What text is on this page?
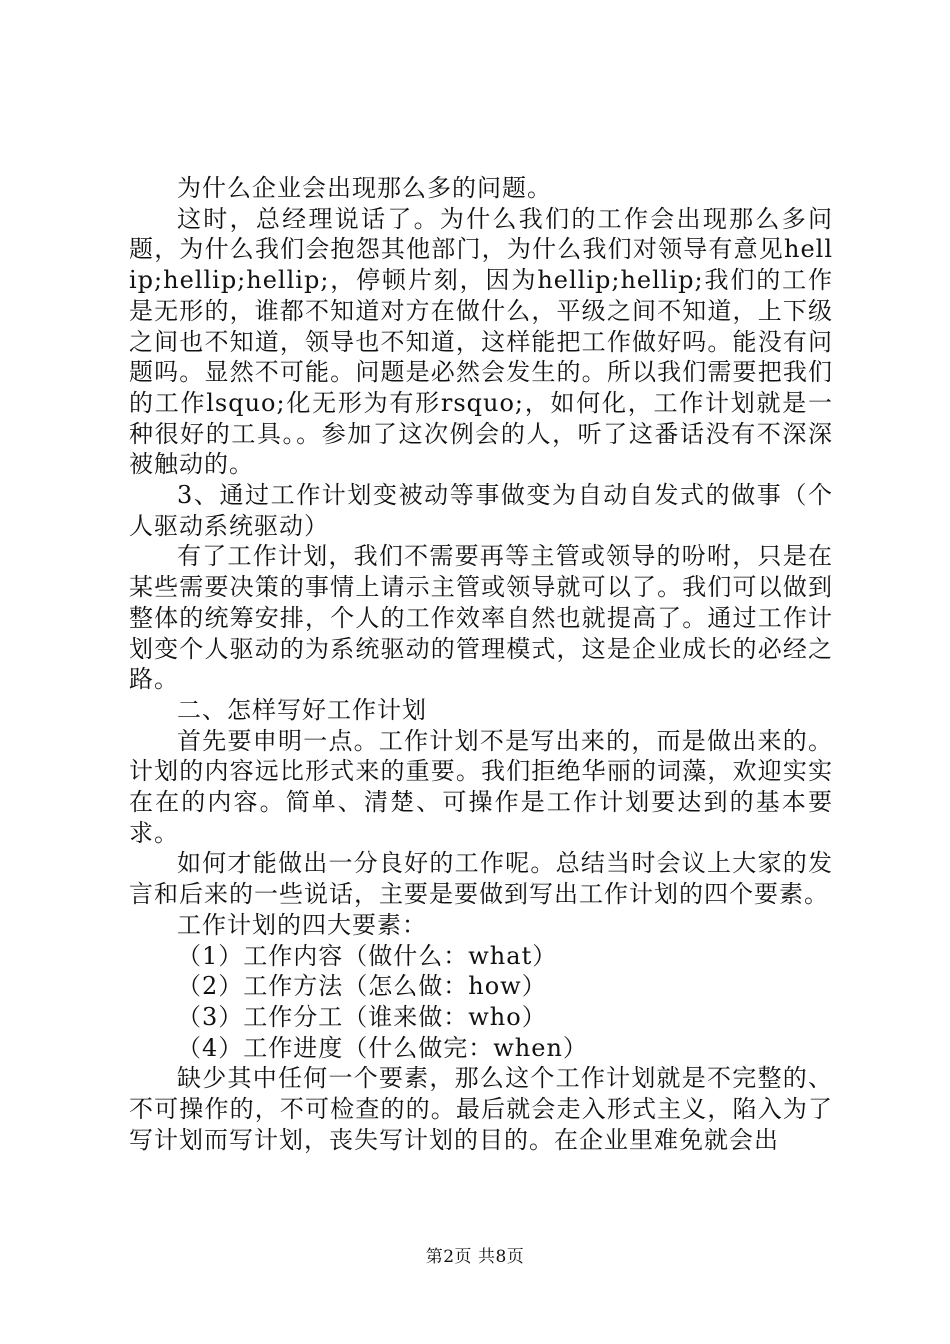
为什么企业会出现那么多的问题。

这时，总经理说话了。为什么我们的工作会出现那么多问题，为什么我们会抱怨其他部门，为什么我们对领导有意见hellip;hellip;hellip;，停顿片刻，因为hellip;hellip;我们的工作是无形的，谁都不知道对方在做什么，平级之间不知道，上下级之间也不知道，领导也不知道，这样能把工作做好吗。能没有问题吗。显然不可能。问题是必然会发生的。所以我们需要把我们的工作lsquo;化无形为有形rsquo;，如何化，工作计划就是一种很好的工具。。参加了这次例会的人，听了这番话没有不深深被触动的。

3、通过工作计划变被动等事做变为自动自发式的做事（个人驱动系统驱动）

有了工作计划，我们不需要再等主管或领导的吩咐，只是在某些需要决策的事情上请示主管或领导就可以了。我们可以做到整体的统筹安排，个人的工作效率自然也就提高了。通过工作计划变个人驱动的为系统驱动的管理模式，这是企业成长的必经之路。

二、怎样写好工作计划

首先要申明一点。工作计划不是写出来的，而是做出来的。计划的内容远比形式来的重要。我们拒绝华丽的词藻，欢迎实实在在的内容。简单、清楚、可操作是工作计划要达到的基本要求。

如何才能做出一分良好的工作呢。总结当时会议上大家的发言和后来的一些说话，主要是要做到写出工作计划的四个要素。

工作计划的四大要素：

（1）工作内容（做什么：what）

（2）工作方法（怎么做：how）

（3）工作分工（谁来做：who）

（4）工作进度（什么做完：when）

缺少其中任何一个要素，那么这个工作计划就是不完整的、不可操作的，不可检查的的。最后就会走入形式主义，陷入为了写计划而写计划，丧失写计划的目的。在企业里难免就会出

第2页 共8页
